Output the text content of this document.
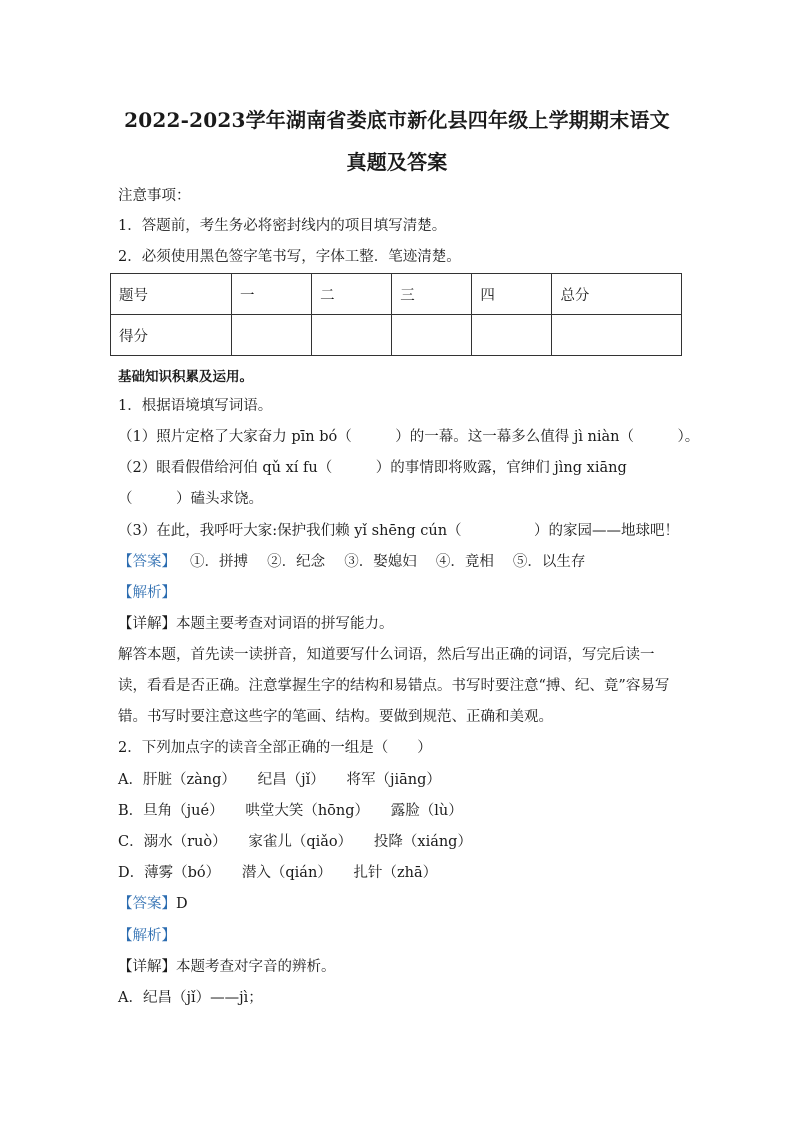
2022-2023学年湖南省娄底市新化县四年级上学期期末语文
真题及答案
注意事项：
1．答题前，考生务必将密封线内的项目填写清楚。
2．必须使用黑色签字笔书写，字体工整．笔迹清楚。
题号	一	二	三	四	总分
得分					
基础知识积累及运用。
1．根据语境填写词语。
（1）照片定格了大家奋力 pīn bó（　　　）的一幕。这一幕多么值得 jì niàn（　　　）。
（2）眼看假借给河伯 qǔ xí fu（　　　）的事情即将败露，官绅们 jìng xiāng
（　　　）磕头求饶。
（3）在此，我呼吁大家:保护我们赖 yǐ shēng cún（　　　　　）的家园——地球吧！
【答案】 ①．拼搏　 ②．纪念　 ③．娶媳妇　 ④．竟相　 ⑤．以生存
【解析】
【详解】本题主要考查对词语的拼写能力。
解答本题，首先读一读拼音，知道要写什么词语，然后写出正确的词语，写完后读一读，看看是否正确。注意掌握生字的结构和易错点。书写时要注意“搏、纪、竟”容易写错。书写时要注意这些字的笔画、结构。要做到规范、正确和美观。
2．下列加点字的读音全部正确的一组是（　　）
A．肝脏（zàng）　　纪昌（jǐ）　　将军（jiāng）
B．旦角（jué）　　哄堂大笑（hōng）　　露脸（lù）
C．溺水（ruò）　　家雀儿（qiǎo）　　投降（xiáng）
D．薄雾（bó）　　潜入（qián）　　扎针（zhā）
【答案】D
【解析】
【详解】本题考查对字音的辨析。
A．纪昌（jǐ）——jì；
